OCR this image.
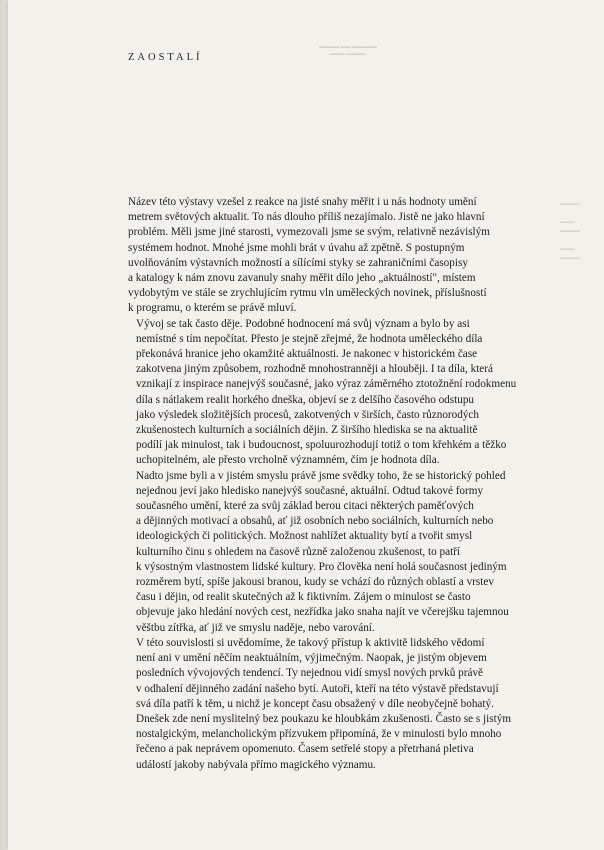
▬▬▬▬ ▬▬ ▬▬▬▬▬
▬▬▬ ▬▬▬▬
▬▬▬▬

▬▬▬
▬▬▬▬

▬▬▬
▬▬▬▬
ZAOSTALÍ

Název této výstavy vzešel z reakce na jisté snahy měřit i u nás hodnoty umění
metrem světových aktualit. To nás dlouho příliš nezajímalo. Jistě ne jako hlavní
problém. Měli jsme jiné starosti, vymezovali jsme se svým, relativně nezávislým
systémem hodnot. Mnohé jsme mohli brát v úvahu až zpětně. S postupným
uvolňováním výstavních možností a sílícími styky se zahraničními časopisy
a katalogy k nám znovu zavanuly snahy měřit dílo jeho „aktuálností", místem
vydobytým ve stále se zrychlujícím rytmu vln uměleckých novinek, příslušností
k programu, o kterém se právě mluví.

Vývoj se tak často děje. Podobné hodnocení má svůj význam a bylo by asi
nemístné s tím nepočítat. Přesto je stejně zřejmé, že hodnota uměleckého díla
překonává hranice jeho okamžité aktuálnosti. Je nakonec v historickém čase
zakotvena jiným způsobem, rozhodně mnohostranněji a hlouběji. I ta díla, která
vznikají z inspirace nanejvýš současné, jako výraz záměrného ztotožnění rodokmenu
díla s nátlakem realit horkého dneška, objeví se z delšího časového odstupu
jako výsledek složitějších procesů, zakotvených v širších, často různorodých
zkušenostech kulturních a sociálních dějin. Z širšího hlediska se na aktualitě
podílí jak minulost, tak i budoucnost, spoluurozhodují totiž o tom křehkém a těžko
uchopitelném, ale přesto vrcholně významném, čím je hodnota díla.

Nadto jsme byli a v jistém smyslu právě jsme svědky toho, že se historický pohled
nejednou jeví jako hledisko nanejvýš současné, aktuální. Odtud takové formy
současného umění, které za svůj základ berou citaci některých paměťových
a dějinných motivací a obsahů, ať již osobních nebo sociálních, kulturních nebo
ideologických či politických. Možnost nahlížet aktuality bytí a tvořit smysl
kulturního činu s ohledem na časově různě založenou zkušenost, to patří
k výsostným vlastnostem lidské kultury. Pro člověka není holá současnost jediným
rozměrem bytí, spíše jakousi branou, kudy se vchází do různých oblastí a vrstev
času i dějin, od realit skutečných až k fiktivním. Zájem o minulost se často
objevuje jako hledání nových cest, nezřídka jako snaha najít ve včerejšku tajemnou
věštbu zítřka, ať již ve smyslu naděje, nebo varování.

V této souvislosti si uvědomíme, že takový přístup k aktivitě lidského vědomí
není ani v umění něčím neaktuálním, výjimečným. Naopak, je jistým objevem
posledních vývojových tendencí. Ty nejednou vidí smysl nových prvků právě
v odhalení dějinného zadání našeho bytí. Autoři, kteří na této výstavě představují
svá díla patří k těm, u nichž je koncept času obsažený v díle neobyčejně bohatý.
Dnešek zde není myslitelný bez poukazu ke hloubkám zkušenosti. Často se s jistým
nostalgickým, melancholickým přízvukem připomíná, že v minulosti bylo mnoho
řečeno a pak neprávem opomenuto. Časem setřelé stopy a přetrhaná pletiva
událostí jakoby nabývala přímo magického významu.
